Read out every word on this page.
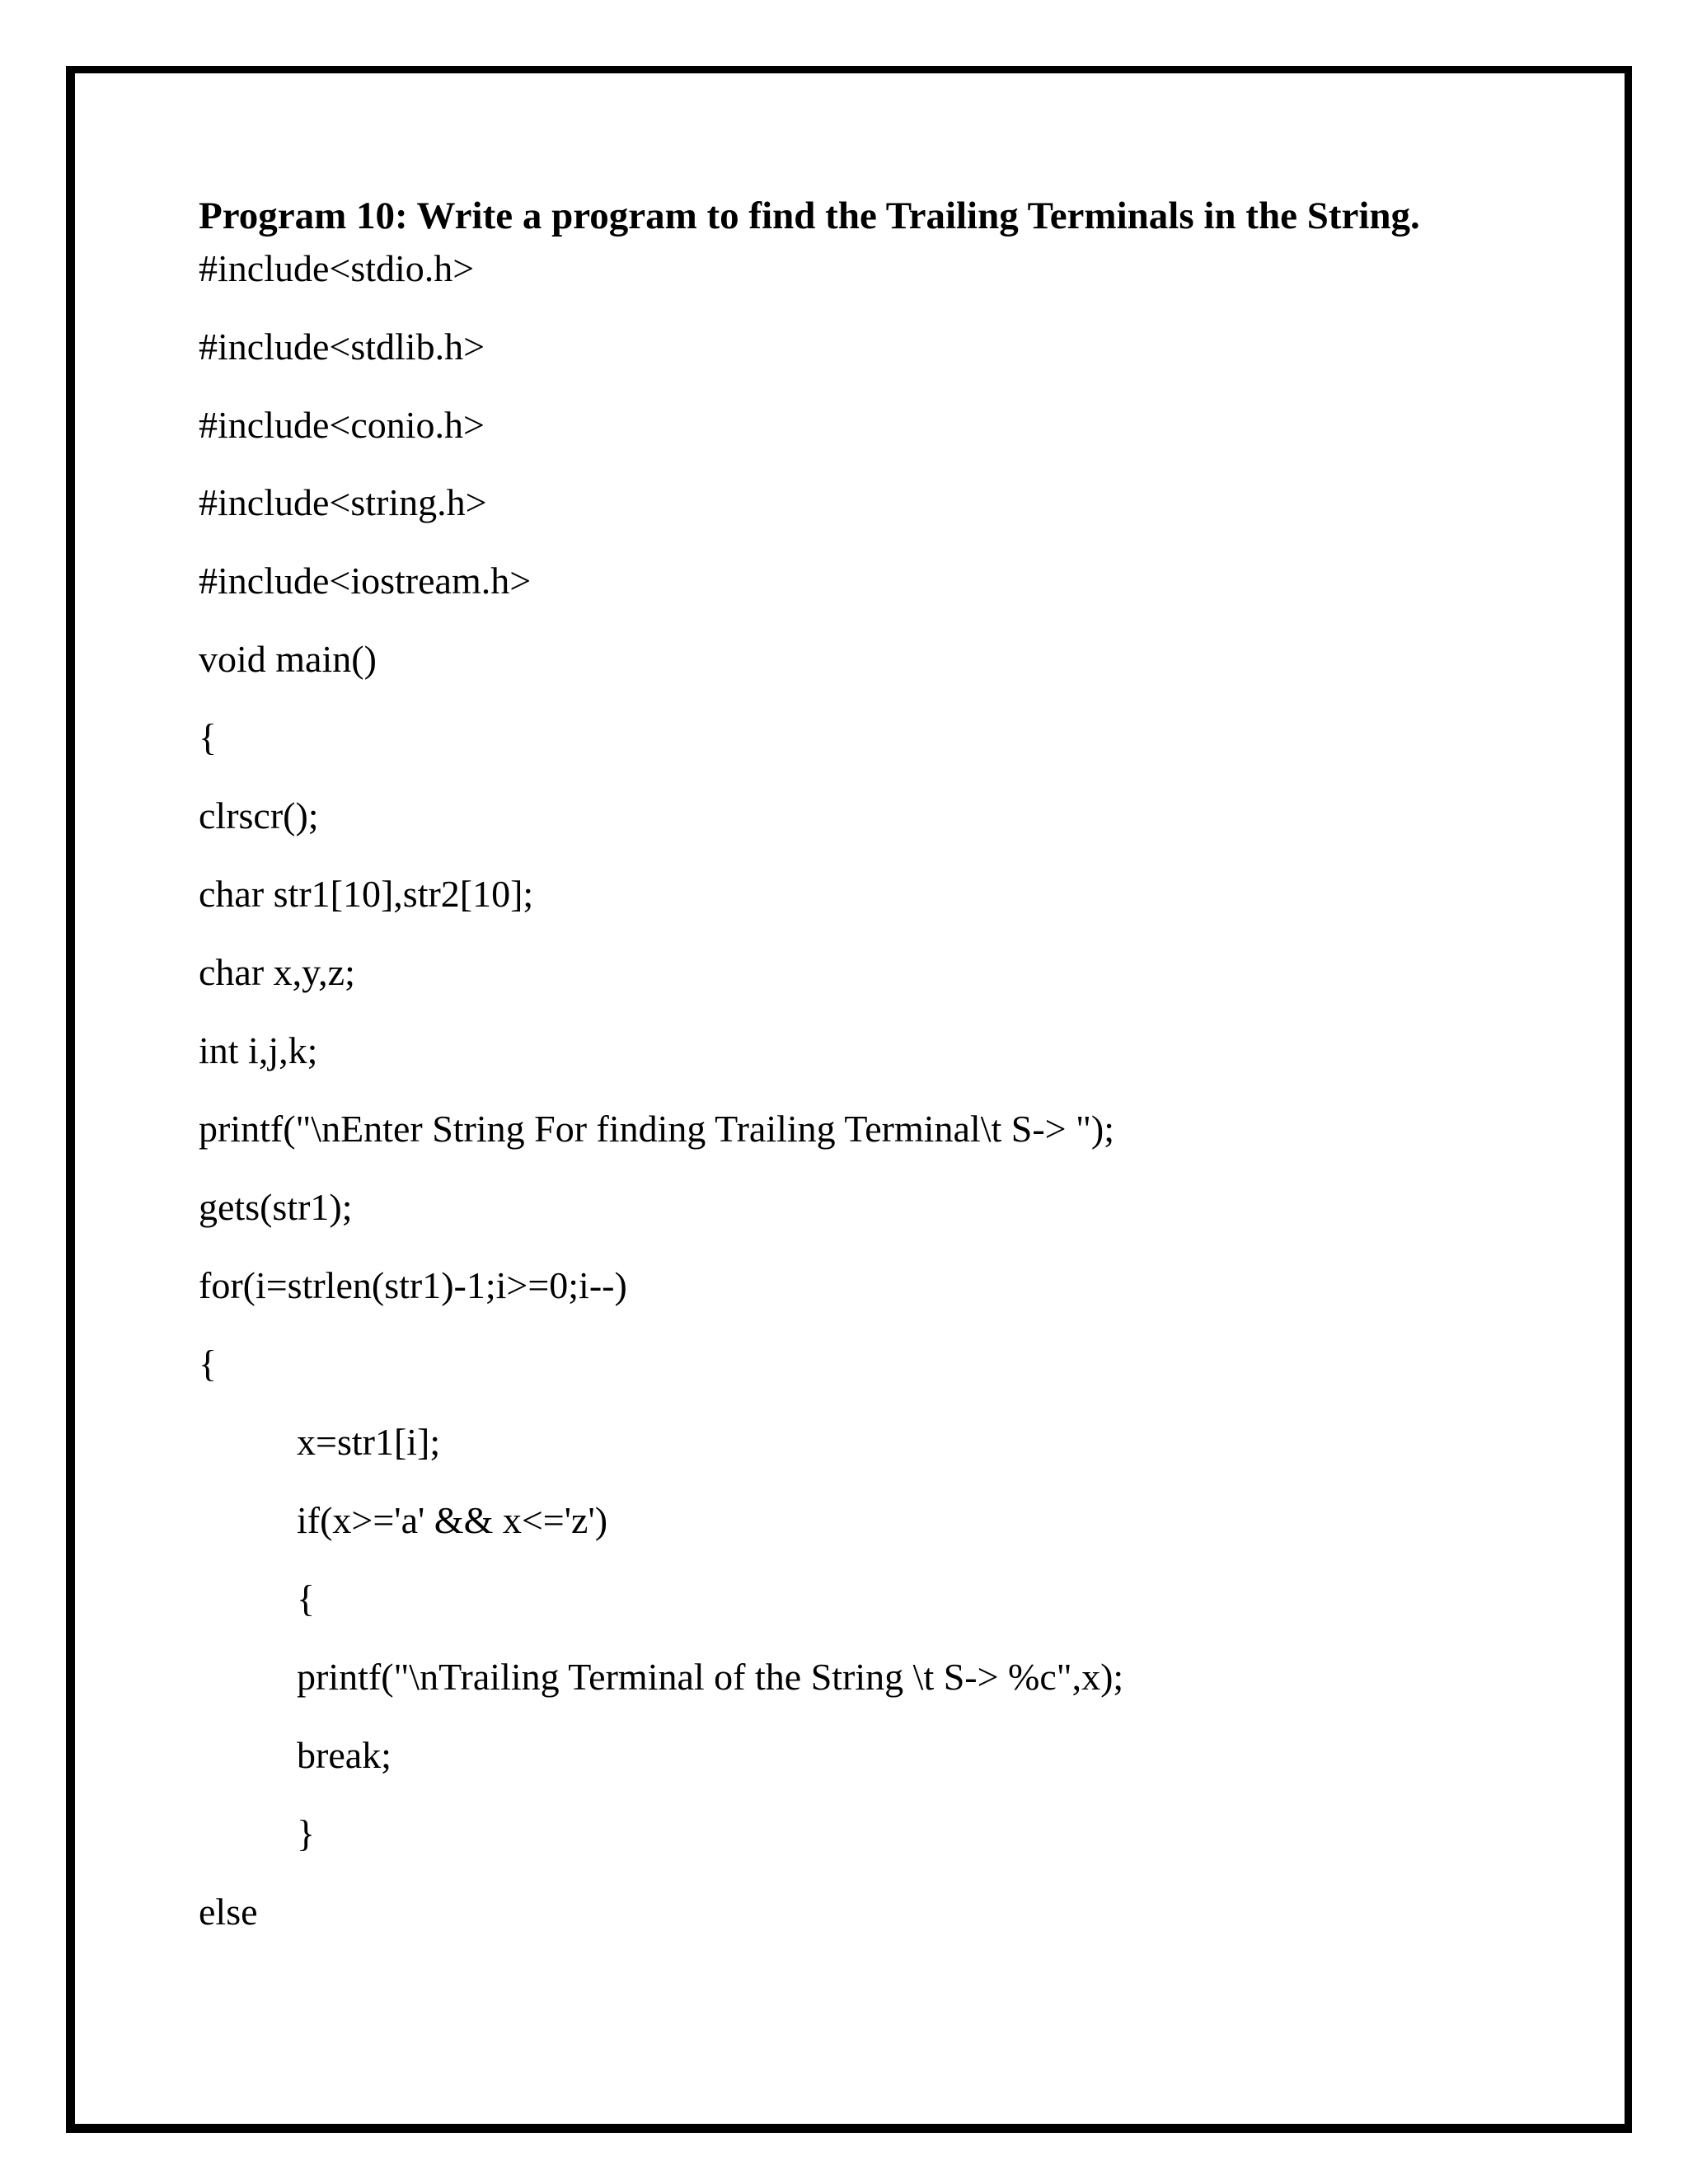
Program 10: Write a program to find the Trailing Terminals in the String.
#include<stdio.h>
#include<stdlib.h>
#include<conio.h>
#include<string.h>
#include<iostream.h>
void main()
{
clrscr();
char str1[10],str2[10];
char x,y,z;
int i,j,k;
printf("\nEnter String For finding Trailing Terminal\t S-> ");
gets(str1);
for(i=strlen(str1)-1;i>=0;i--)
{
x=str1[i];
if(x>='a' && x<='z')
{
printf("\nTrailing Terminal of the String \t S-> %c",x);
break;
}
else
